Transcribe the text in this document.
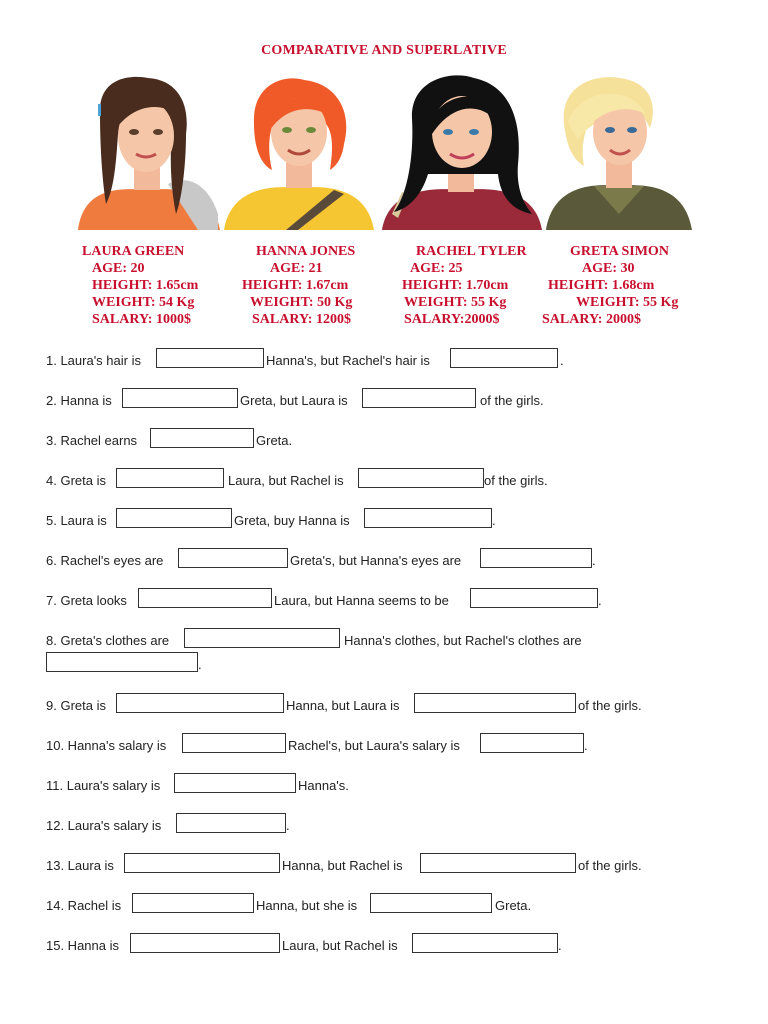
COMPARATIVE AND SUPERLATIVE
LAURA GREEN
AGE: 20
HEIGHT: 1.65cm
WEIGHT: 54 Kg
SALARY: 1000$
HANNA JONES
AGE: 21
HEIGHT: 1.67cm
WEIGHT: 50 Kg
SALARY: 1200$
RACHEL TYLER
AGE: 25
HEIGHT: 1.70cm
WEIGHT: 55 Kg
SALARY:2000$
GRETA SIMON
AGE: 30
HEIGHT: 1.68cm
WEIGHT: 55 Kg
SALARY: 2000$
1. Laura's hair is	Hanna's, but Rachel's hair is	.
2. Hanna is	Greta, but Laura is	of the girls.
3. Rachel earns	Greta.
4. Greta is	Laura, but Rachel is	of the girls.
5. Laura is	Greta, buy Hanna is	.
6. Rachel's eyes are	Greta's, but Hanna's eyes are	.
7. Greta looks	Laura, but Hanna seems to be	.
8. Greta's clothes are	Hanna's clothes, but Rachel's clothes are
.
9. Greta is	Hanna, but Laura is	of the girls.
10. Hanna's salary is	Rachel's, but Laura's salary is	.
11. Laura's salary is	Hanna's.
12. Laura's salary is	.
13. Laura is	Hanna, but Rachel is	of the girls.
14. Rachel is	Hanna, but she is	Greta.
15. Hanna is	Laura, but Rachel is	.
